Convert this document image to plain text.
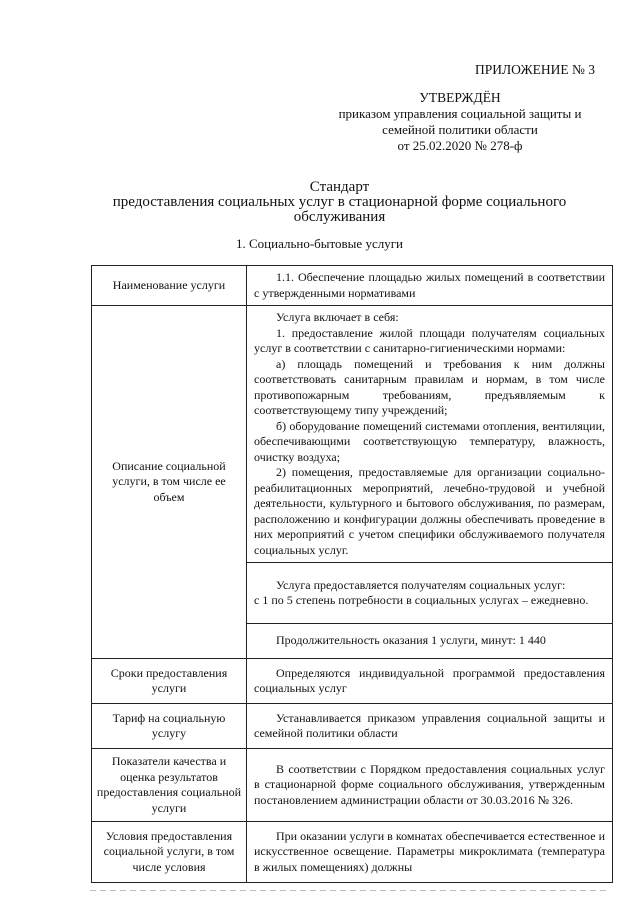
ПРИЛОЖЕНИЕ № 3
УТВЕРЖДЁН
приказом управления социальной защиты и
семейной политики области
от 25.02.2020 № 278-ф
Стандарт
предоставления социальных услуг в стационарной форме социального
обслуживания
1. Социально-бытовые услуги
Наименование услуги	1.1. Обеспечение площадью жилых помещений в соответствии с утвержденными нормативами

Описание социальной услуги, в том числе ее объем	Услуга включает в себя:

1. предоставление жилой площади получателям социальных услуг в соответствии с санитарно-гигиеническими нормами:

а) площадь помещений и требования к ним должны соответствовать санитарным правилам и нормам, в том числе противопожарным требованиям, предъявляемым к соответствующему типу учреждений;

б) оборудование помещений системами отопления, вентиляции, обеспечивающими соответствующую температуру, влажность, очистку воздуха;

2) помещения, предоставляемые для организации социально-реабилитационных мероприятий, лечебно-трудовой и учебной деятельности, культурного и бытового обслуживания, по размерам, расположению и конфигурации должны обеспечивать проведение в них мероприятий с учетом специфики обслуживаемого получателя социальных услуг.

	Услуга предоставляется получателям социальных услуг:

с 1 по 5 степень потребности в социальных услугах – ежедневно.

	Продолжительность оказания 1 услуги, минут: 1 440

Сроки предоставления услуги	Определяются индивидуальной программой предоставления социальных услуг

Тариф на социальную услугу	Устанавливается приказом управления социальной защиты и семейной политики области

Показатели качества и оценка результатов предоставления социальной услуги	В соответствии с Порядком предоставления социальных услуг в стационарной форме социального обслуживания, утвержденным постановлением администрации области от 30.03.2016 № 326.

Условия предоставления социальной услуги, в том числе условия	При оказании услуги в комнатах обеспечивается естественное и искусственное освещение. Параметры микроклимата (температура в жилых помещениях) должны
